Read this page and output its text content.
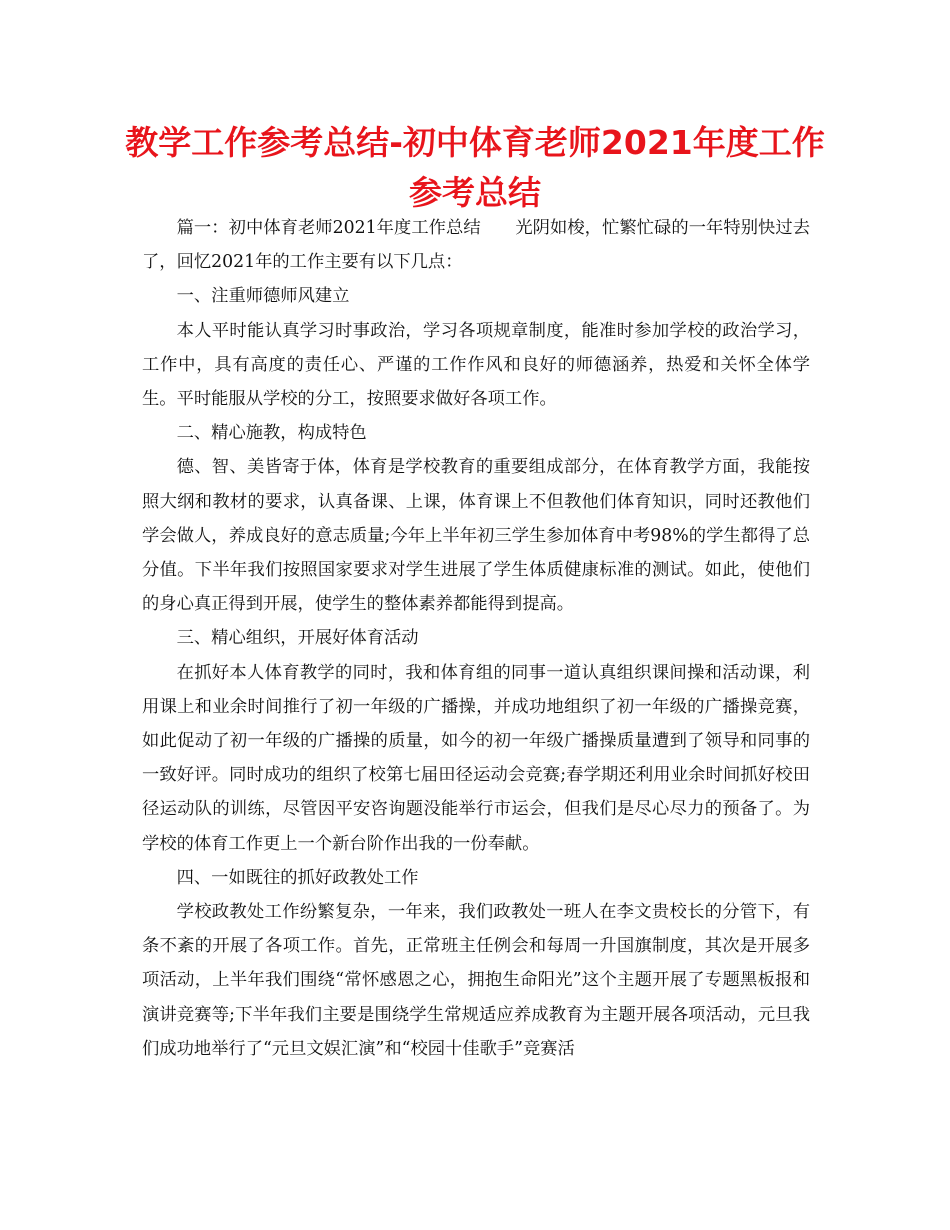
教学工作参考总结-初中体育老师2021年度工作参考总结

篇一：初中体育老师2021年度工作总结　　光阴如梭，忙繁忙碌的一年特别快过去了，回忆2021年的工作主要有以下几点：

一、注重师德师风建立

本人平时能认真学习时事政治，学习各项规章制度，能准时参加学校的政治学习，工作中，具有高度的责任心、严谨的工作作风和良好的师德涵养，热爱和关怀全体学生。平时能服从学校的分工，按照要求做好各项工作。

二、精心施教，构成特色

德、智、美皆寄于体，体育是学校教育的重要组成部分，在体育教学方面，我能按照大纲和教材的要求，认真备课、上课，体育课上不但教他们体育知识，同时还教他们学会做人，养成良好的意志质量;今年上半年初三学生参加体育中考98%的学生都得了总分值。下半年我们按照国家要求对学生进展了学生体质健康标准的测试。如此，使他们的身心真正得到开展，使学生的整体素养都能得到提高。

三、精心组织，开展好体育活动

在抓好本人体育教学的同时，我和体育组的同事一道认真组织课间操和活动课，利用课上和业余时间推行了初一年级的广播操，并成功地组织了初一年级的广播操竞赛，如此促动了初一年级的广播操的质量，如今的初一年级广播操质量遭到了领导和同事的一致好评。同时成功的组织了校第七届田径运动会竞赛;春学期还利用业余时间抓好校田径运动队的训练，尽管因平安咨询题没能举行市运会，但我们是尽心尽力的预备了。为学校的体育工作更上一个新台阶作出我的一份奉献。

四、一如既往的抓好政教处工作

学校政教处工作纷繁复杂，一年来，我们政教处一班人在李文贵校长的分管下，有条不紊的开展了各项工作。首先，正常班主任例会和每周一升国旗制度，其次是开展多项活动，上半年我们围绕“常怀感恩之心，拥抱生命阳光”这个主题开展了专题黑板报和演讲竞赛等;下半年我们主要是围绕学生常规适应养成教育为主题开展各项活动，元旦我们成功地举行了“元旦文娱汇演”和“校园十佳歌手”竞赛活
